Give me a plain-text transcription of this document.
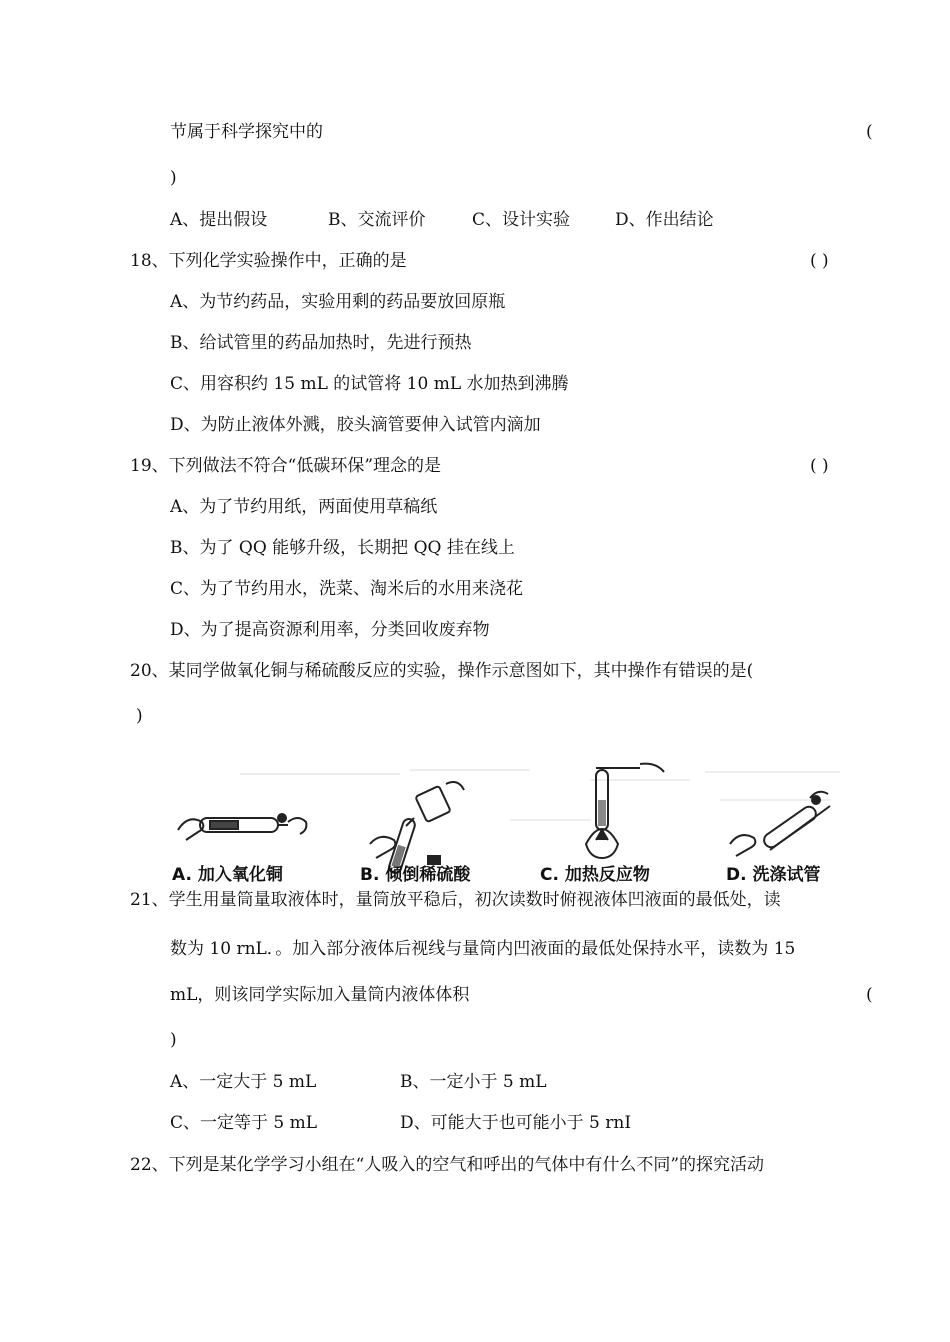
节属于科学探究中的	(
)
A、提出假设	B、交流评价	C、设计实验	D、作出结论
18、下列化学实验操作中，正确的是	( )
A、为节约药品，实验用剩的药品要放回原瓶
B、给试管里的药品加热时，先进行预热
C、用容积约 15 mL 的试管将 10 mL 水加热到沸腾
D、为防止液体外溅，胶头滴管要伸入试管内滴加
19、下列做法不符合“低碳环保”理念的是	( )
A、为了节约用纸，两面使用草稿纸
B、为了 QQ 能够升级，长期把 QQ 挂在线上
C、为了节约用水，洗菜、淘米后的水用来浇花
D、为了提高资源利用率，分类回收废弃物
20、某同学做氧化铜与稀硫酸反应的实验，操作示意图如下，其中操作有错误的是(
)
A. 加入氧化铜	B. 倾倒稀硫酸	C. 加热反应物	D. 洗涤试管
21、学生用量筒量取液体时，量筒放平稳后，初次读数时俯视液体凹液面的最低处，读
数为 10 rnL．。加入部分液体后视线与量筒内凹液面的最低处保持水平，读数为 15
mL，则该同学实际加入量筒内液体体积	(
)
A、一定大于 5 mL	B、一定小于 5 mL
C、一定等于 5 mL	D、可能大于也可能小于 5 rnI
22、下列是某化学学习小组在“人吸入的空气和呼出的气体中有什么不同”的探究活动
